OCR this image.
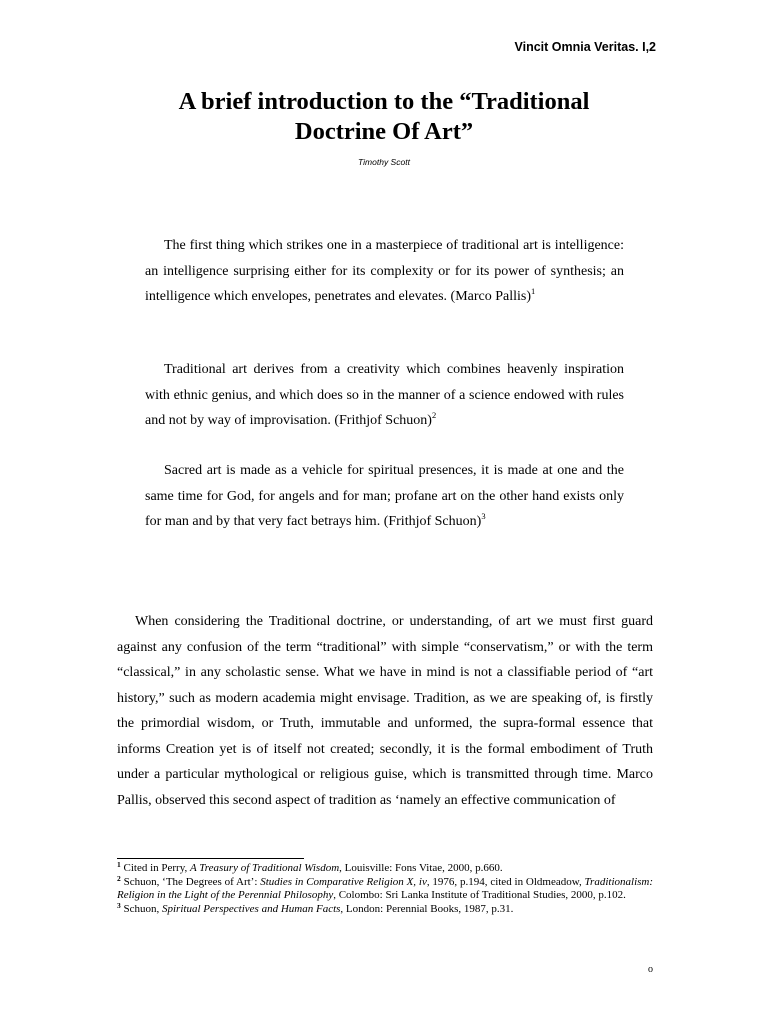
Vincit Omnia Veritas. I,2
A brief introduction to the “Traditional
Doctrine Of Art”
Timothy Scott

The first thing which strikes one in a masterpiece of traditional art is intelligence: an intelligence surprising either for its complexity or for its power of synthesis; an intelligence which envelopes, penetrates and elevates. (Marco Pallis)$^1$

Traditional art derives from a creativity which combines heavenly inspiration with ethnic genius, and which does so in the manner of a science endowed with rules and not by way of improvisation. (Frithjof Schuon)$^2$

Sacred art is made as a vehicle for spiritual presences, it is made at one and the same time for God, for angels and for man; profane art on the other hand exists only for man and by that very fact betrays him. (Frithjof Schuon)$^3$

When considering the Traditional doctrine, or understanding, of art we must first guard against any confusion of the term “traditional” with simple “conservatism,” or with the term “classical,” in any scholastic sense. What we have in mind is not a classifiable period of “art history,” such as modern academia might envisage. Tradition, as we are speaking of, is firstly the primordial wisdom, or Truth, immutable and unformed, the supra-formal essence that informs Creation yet is of itself not created; secondly, it is the formal embodiment of Truth under a particular mythological or religious guise, which is transmitted through time. Marco Pallis, observed this second aspect of tradition as ‘namely an effective communication of

$^1$ Cited in Perry, A Treasury of Traditional Wisdom, Louisville: Fons Vitae, 2000, p.660.

$^2$ Schuon, ‘The Degrees of Art’: Studies in Comparative Religion X, iv, 1976, p.194, cited in Oldmeadow, Traditionalism: Religion in the Light of the Perennial Philosophy, Colombo: Sri Lanka Institute of Traditional Studies, 2000, p.102.

$^3$ Schuon, Spiritual Perspectives and Human Facts, London: Perennial Books, 1987, p.31.

o
